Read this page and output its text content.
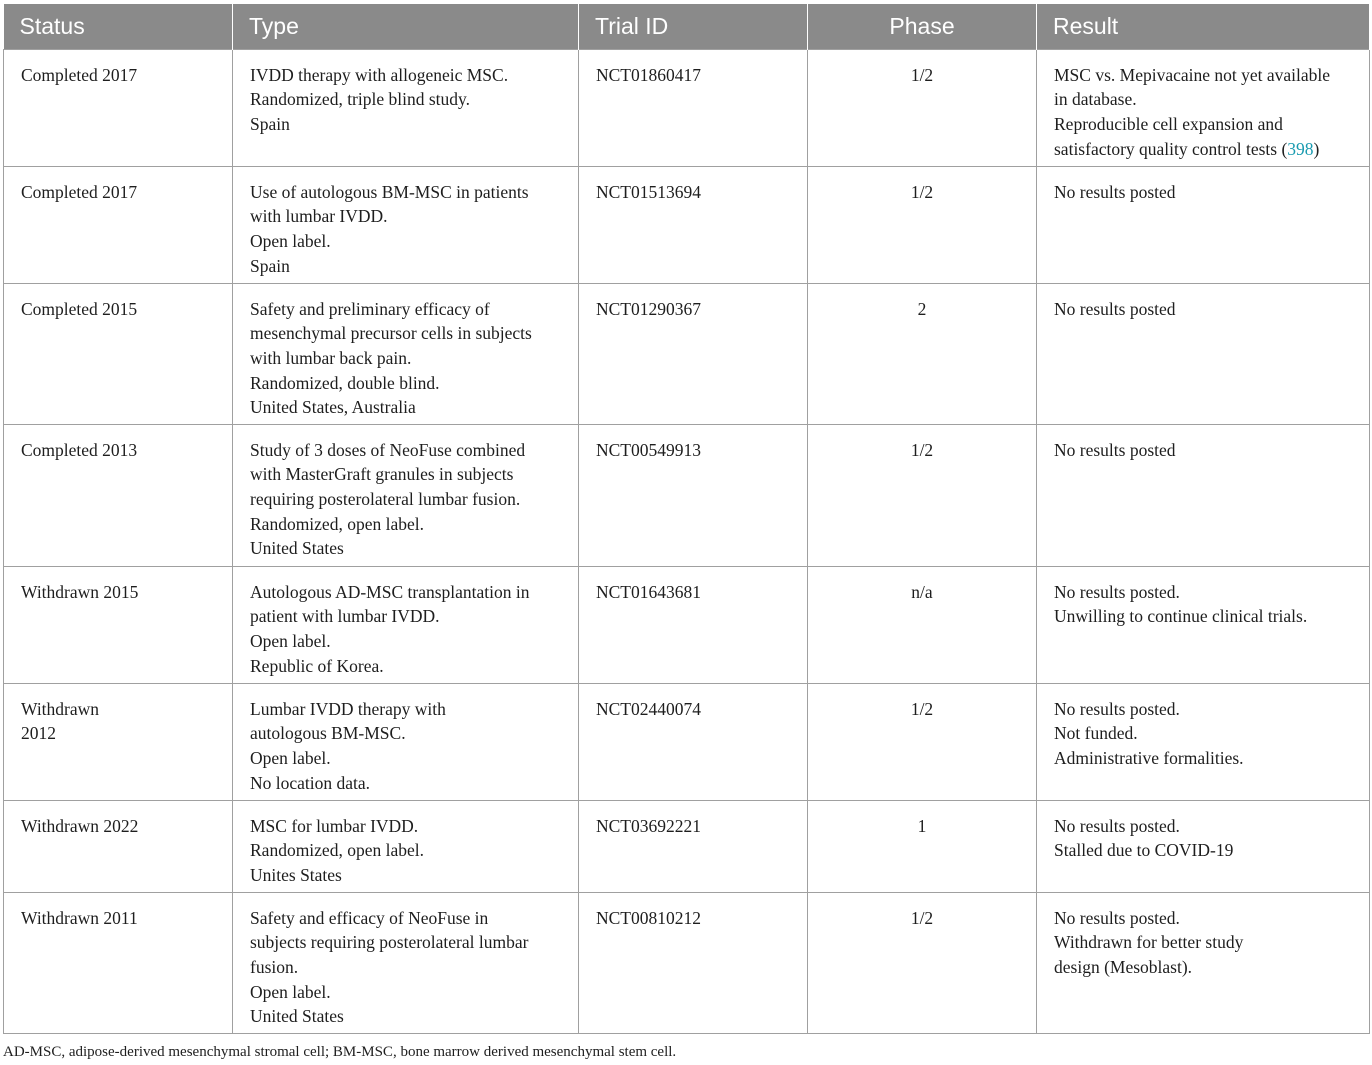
Status	Type	Trial ID	Phase	Result

Completed 2017	IVDD therapy with allogeneic MSC.
Randomized, triple blind study.
Spain	NCT01860417	1/2	MSC vs. Mepivacaine not yet available
in database.
Reproducible cell expansion and
satisfactory quality control tests (398)

Completed 2017	Use of autologous BM-MSC in patients
with lumbar IVDD.
Open label.
Spain	NCT01513694	1/2	No results posted

Completed 2015	Safety and preliminary efficacy of
mesenchymal precursor cells in subjects
with lumbar back pain.
Randomized, double blind.
United States, Australia	NCT01290367	2	No results posted

Completed 2013	Study of 3 doses of NeoFuse combined
with MasterGraft granules in subjects
requiring posterolateral lumbar fusion.
Randomized, open label.
United States	NCT00549913	1/2	No results posted

Withdrawn 2015	Autologous AD-MSC transplantation in
patient with lumbar IVDD.
Open label.
Republic of Korea.	NCT01643681	n/a	No results posted.
Unwilling to continue clinical trials.

Withdrawn
2012	Lumbar IVDD therapy with
autologous BM-MSC.
Open label.
No location data.	NCT02440074	1/2	No results posted.
Not funded.
Administrative formalities.

Withdrawn 2022	MSC for lumbar IVDD.
Randomized, open label.
Unites States	NCT03692221	1	No results posted.
Stalled due to COVID-19

Withdrawn 2011	Safety and efficacy of NeoFuse in
subjects requiring posterolateral lumbar
fusion.
Open label.
United States	NCT00810212	1/2	No results posted.
Withdrawn for better study
design (Mesoblast).
AD-MSC, adipose-derived mesenchymal stromal cell; BM-MSC, bone marrow derived mesenchymal stem cell.
